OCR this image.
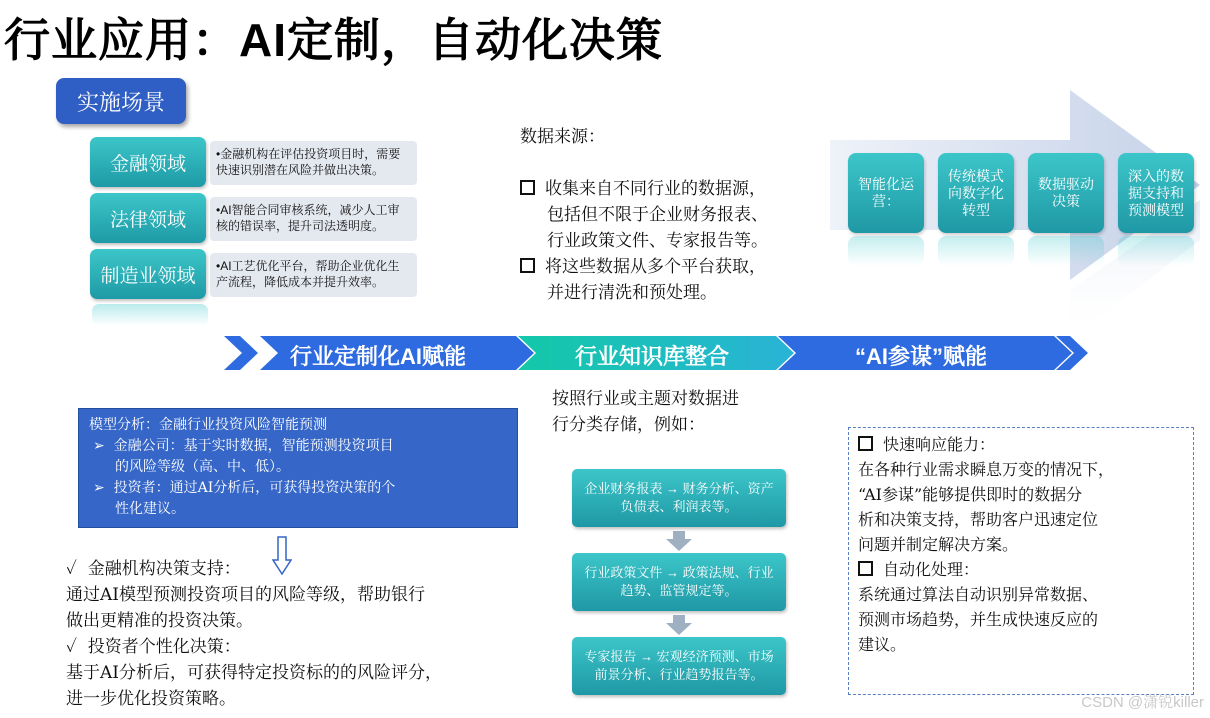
行业应用：AI定制，自动化决策
实施场景
金融领域	•金融机构在评估投资项目时，需要快速识别潜在风险并做出决策。
法律领域	•AI智能合同审核系统，减少人工审核的错误率，提升司法透明度。
制造业领域	•AI工艺优化平台，帮助企业优化生产流程，降低成本并提升效率。
数据来源：
收集来自不同行业的数据源，
包括但不限于企业财务报表、
行业政策文件、专家报告等。
将这些数据从多个平台获取，
并进行清洗和预处理。
智能化运营：
传统模式向数字化转型
数据驱动决策
深入的数据支持和预测模型
行业定制化AI赋能	行业知识库整合	“AI参谋”赋能
模型分析：金融行业投资风险智能预测
➢  金融公司：基于实时数据，智能预测投资项目
的风险等级（高、中、低）。
➢  投资者：通过AI分析后，可获得投资决策的个
性化建议。
✓  金融机构决策支持：
通过AI模型预测投资项目的风险等级，帮助银行
做出更精准的投资决策。
✓  投资者个性化决策：
基于AI分析后，可获得特定投资标的的风险评分，
进一步优化投资策略。
按照行业或主题对数据进
行分类存储，例如：
企业财务报表 → 财务分析、资产负债表、利润表等。
行业政策文件 → 政策法规、行业趋势、监管规定等。
专家报告 → 宏观经济预测、市场前景分析、行业趋势报告等。
快速响应能力：
在各种行业需求瞬息万变的情况下，
“AI参谋”能够提供即时的数据分
析和决策支持，帮助客户迅速定位
问题并制定解决方案。
自动化处理：
系统通过算法自动识别异常数据、
预测市场趋势，并生成快速反应的
建议。
CSDN @潇锐killer
